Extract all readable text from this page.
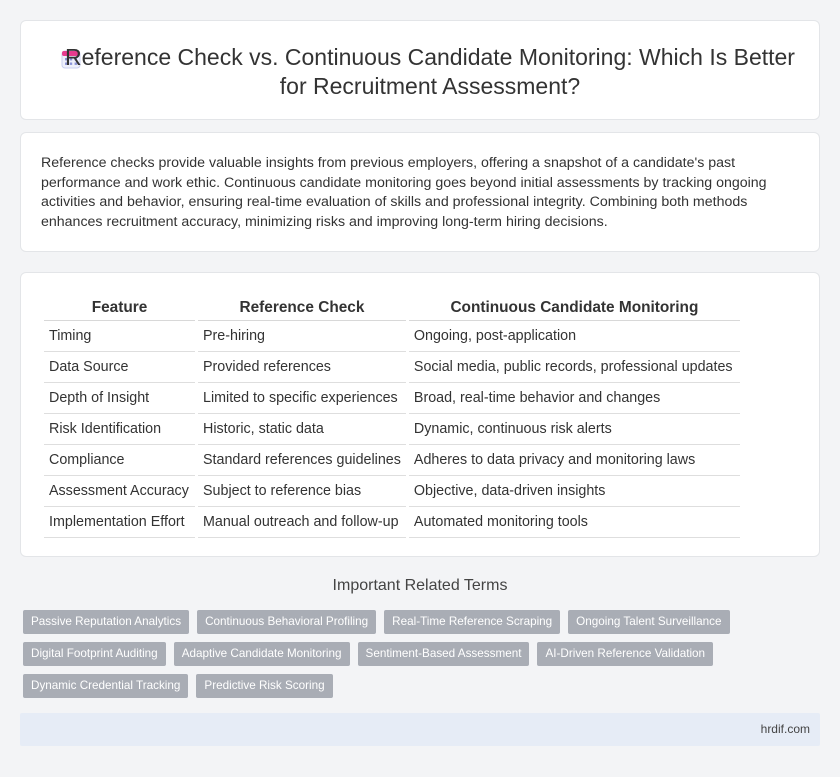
Reference Check vs. Continuous Candidate Monitoring: Which Is Better for Recruitment Assessment?

Reference checks provide valuable insights from previous employers, offering a snapshot of a candidate's past performance and work ethic. Continuous candidate monitoring goes beyond initial assessments by tracking ongoing activities and behavior, ensuring real-time evaluation of skills and professional integrity. Combining both methods enhances recruitment accuracy, minimizing risks and improving long-term hiring decisions.

Feature	Reference Check	Continuous Candidate Monitoring
Timing	Pre-hiring	Ongoing, post-application
Data Source	Provided references	Social media, public records, professional updates
Depth of Insight	Limited to specific experiences	Broad, real-time behavior and changes
Risk Identification	Historic, static data	Dynamic, continuous risk alerts
Compliance	Standard references guidelines	Adheres to data privacy and monitoring laws
Assessment Accuracy	Subject to reference bias	Objective, data-driven insights
Implementation Effort	Manual outreach and follow-up	Automated monitoring tools
Important Related Terms
Passive Reputation Analytics	Continuous Behavioral Profiling	Real-Time Reference Scraping	Ongoing Talent Surveillance
Digital Footprint Auditing	Adaptive Candidate Monitoring	Sentiment-Based Assessment	AI-Driven Reference Validation
Dynamic Credential Tracking	Predictive Risk Scoring
hrdif.com
